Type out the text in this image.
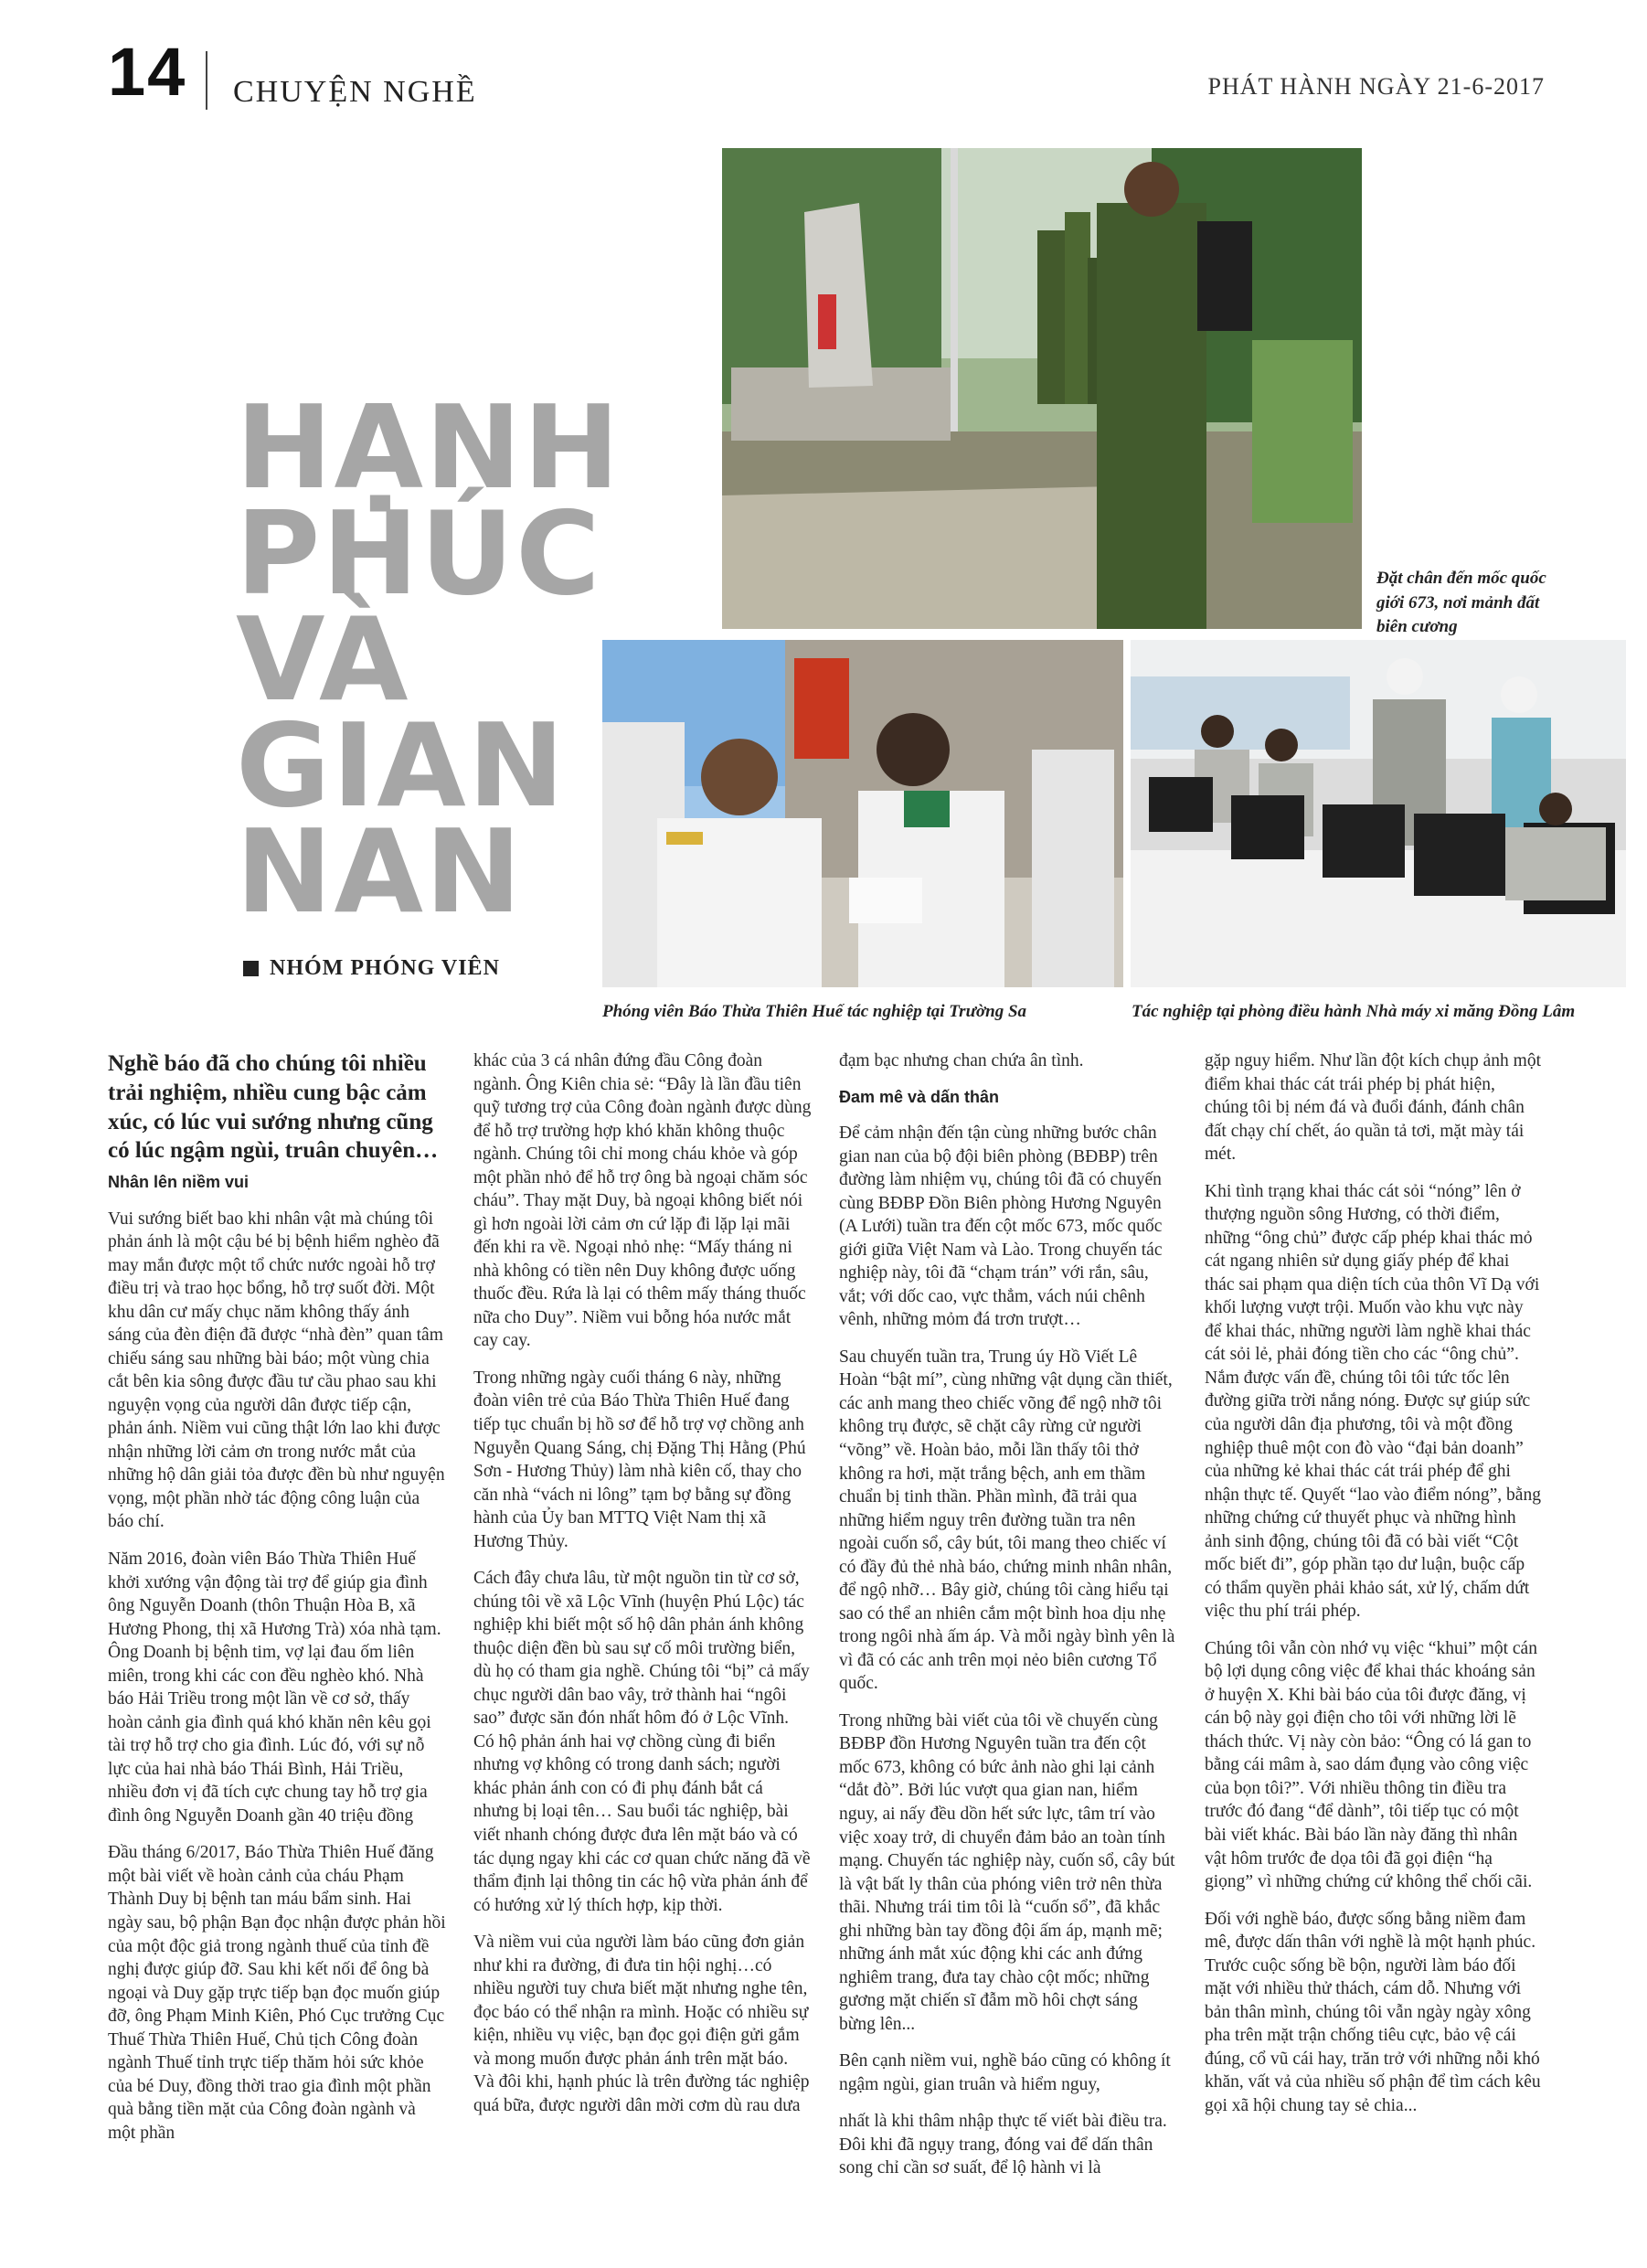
14 CHUYỆN NGHỀ	PHÁT HÀNH NGÀY 21-6-2017
HẠNH
PHÚC
VÀ
GIAN
NAN
NHÓM PHÓNG VIÊN
Đặt chân đến mốc quốc giới 673, nơi mảnh đất biên cương
Phóng viên Báo Thừa Thiên Huế tác nghiệp tại Trường Sa	Tác nghiệp tại phòng điều hành Nhà máy xi măng Đồng Lâm
Nghề báo đã cho chúng tôi nhiều trải nghiệm, nhiều cung bậc cảm xúc, có lúc vui sướng nhưng cũng có lúc ngậm ngùi, truân chuyên…

Nhân lên niềm vui

Vui sướng biết bao khi nhân vật mà chúng tôi phản ánh là một cậu bé bị bệnh hiểm nghèo đã may mắn được một tổ chức nước ngoài hỗ trợ điều trị và trao học bổng, hỗ trợ suốt đời. Một khu dân cư mấy chục năm không thấy ánh sáng của đèn điện đã được “nhà đèn” quan tâm chiếu sáng sau những bài báo; một vùng chia cắt bên kia sông được đầu tư cầu phao sau khi nguyện vọng của người dân được tiếp cận, phản ánh. Niềm vui cũng thật lớn lao khi được nhận những lời cảm ơn trong nước mắt của những hộ dân giải tỏa được đền bù như nguyện vọng, một phần nhờ tác động công luận của báo chí.

Năm 2016, đoàn viên Báo Thừa Thiên Huế khởi xướng vận động tài trợ để giúp gia đình ông Nguyễn Doanh (thôn Thuận Hòa B, xã Hương Phong, thị xã Hương Trà) xóa nhà tạm. Ông Doanh bị bệnh tim, vợ lại đau ốm liên miên, trong khi các con đều nghèo khó. Nhà báo Hải Triều trong một lần về cơ sở, thấy hoàn cảnh gia đình quá khó khăn nên kêu gọi tài trợ hỗ trợ cho gia đình. Lúc đó, với sự nỗ lực của hai nhà báo Thái Bình, Hải Triều, nhiều đơn vị đã tích cực chung tay hỗ trợ gia đình ông Nguyễn Doanh gần 40 triệu đồng

Đầu tháng 6/2017, Báo Thừa Thiên Huế đăng một bài viết về hoàn cảnh của cháu Phạm Thành Duy bị bệnh tan máu bẩm sinh. Hai ngày sau, bộ phận Bạn đọc nhận được phản hồi của một độc giả trong ngành thuế của tỉnh đề nghị được giúp đỡ. Sau khi kết nối để ông bà ngoại và Duy gặp trực tiếp bạn đọc muốn giúp đỡ, ông Phạm Minh Kiên, Phó Cục trưởng Cục Thuế Thừa Thiên Huế, Chủ tịch Công đoàn ngành Thuế tỉnh trực tiếp thăm hỏi sức khỏe của bé Duy, đồng thời trao gia đình một phần quà bằng tiền mặt của Công đoàn ngành và một phần

khác của 3 cá nhân đứng đầu Công đoàn ngành. Ông Kiên chia sẻ: “Đây là lần đầu tiên quỹ tương trợ của Công đoàn ngành được dùng để hỗ trợ trường hợp khó khăn không thuộc ngành. Chúng tôi chỉ mong cháu khỏe và góp một phần nhỏ để hỗ trợ ông bà ngoại chăm sóc cháu”. Thay mặt Duy, bà ngoại không biết nói gì hơn ngoài lời cảm ơn cứ lặp đi lặp lại mãi đến khi ra về. Ngoại nhỏ nhẹ: “Mấy tháng ni nhà không có tiền nên Duy không được uống thuốc đều. Rứa là lại có thêm mấy tháng thuốc nữa cho Duy”. Niềm vui bỗng hóa nước mắt cay cay.

Trong những ngày cuối tháng 6 này, những đoàn viên trẻ của Báo Thừa Thiên Huế đang tiếp tục chuẩn bị hồ sơ để hỗ trợ vợ chồng anh Nguyễn Quang Sáng, chị Đặng Thị Hằng (Phú Sơn - Hương Thủy) làm nhà kiên cố, thay cho căn nhà “vách ni lông” tạm bợ bằng sự đồng hành của Ủy ban MTTQ Việt Nam thị xã Hương Thủy.

Cách đây chưa lâu, từ một nguồn tin từ cơ sở, chúng tôi về xã Lộc Vĩnh (huyện Phú Lộc) tác nghiệp khi biết một số hộ dân phản ánh không thuộc diện đền bù sau sự cố môi trường biển, dù họ có tham gia nghề. Chúng tôi “bị” cả mấy chục người dân bao vây, trở thành hai “ngôi sao” được săn đón nhất hôm đó ở Lộc Vĩnh. Có hộ phản ánh hai vợ chồng cùng đi biển nhưng vợ không có trong danh sách; người khác phản ánh con có đi phụ đánh bắt cá nhưng bị loại tên… Sau buổi tác nghiệp, bài viết nhanh chóng được đưa lên mặt báo và có tác dụng ngay khi các cơ quan chức năng đã về thẩm định lại thông tin các hộ vừa phản ánh để có hướng xử lý thích hợp, kịp thời.

Và niềm vui của người làm báo cũng đơn giản như khi ra đường, đi đưa tin hội nghị…có nhiều người tuy chưa biết mặt nhưng nghe tên, đọc báo có thể nhận ra mình. Hoặc có nhiều sự kiện, nhiều vụ việc, bạn đọc gọi điện gửi gắm và mong muốn được phản ánh trên mặt báo. Và đôi khi, hạnh phúc là trên đường tác nghiệp quá bữa, được người dân mời cơm dù rau dưa

đạm bạc nhưng chan chứa ân tình.

Đam mê và dấn thân

Để cảm nhận đến tận cùng những bước chân gian nan của bộ đội biên phòng (BĐBP) trên đường làm nhiệm vụ, chúng tôi đã có chuyến cùng BĐBP Đồn Biên phòng Hương Nguyên (A Lưới) tuần tra đến cột mốc 673, mốc quốc giới giữa Việt Nam và Lào. Trong chuyến tác nghiệp này, tôi đã “chạm trán” với rắn, sâu, vắt; với dốc cao, vực thẳm, vách núi chênh vênh, những mỏm đá trơn trượt…

Sau chuyến tuần tra, Trung úy Hồ Viết Lê Hoàn “bật mí”, cùng những vật dụng cần thiết, các anh mang theo chiếc võng để ngộ nhỡ tôi không trụ được, sẽ chặt cây rừng cử người “võng” về. Hoàn bảo, mỗi lần thấy tôi thở không ra hơi, mặt trắng bệch, anh em thầm chuẩn bị tinh thần. Phần mình, đã trải qua những hiểm nguy trên đường tuần tra nên ngoài cuốn sổ, cây bút, tôi mang theo chiếc ví có đầy đủ thẻ nhà báo, chứng minh nhân nhân, để ngộ nhỡ… Bây giờ, chúng tôi càng hiểu tại sao có thể an nhiên cắm một bình hoa dịu nhẹ trong ngôi nhà ấm áp. Và mỗi ngày bình yên là vì đã có các anh trên mọi nẻo biên cương Tổ quốc.

Trong những bài viết của tôi về chuyến cùng BĐBP đồn Hương Nguyên tuần tra đến cột mốc 673, không có bức ảnh nào ghi lại cảnh “dắt đò”. Bởi lúc vượt qua gian nan, hiểm nguy, ai nấy đều dồn hết sức lực, tâm trí vào việc xoay trở, di chuyển đảm bảo an toàn tính mạng. Chuyến tác nghiệp này, cuốn sổ, cây bút là vật bất ly thân của phóng viên trở nên thừa thãi. Nhưng trái tim tôi là “cuốn sổ”, đã khắc ghi những bàn tay đồng đội ấm áp, mạnh mẽ; những ánh mắt xúc động khi các anh đứng nghiêm trang, đưa tay chào cột mốc; những gương mặt chiến sĩ đẫm mồ hôi chợt sáng bừng lên...

Bên cạnh niềm vui, nghề báo cũng có không ít ngậm ngùi, gian truân và hiểm nguy,

nhất là khi thâm nhập thực tế viết bài điều tra. Đôi khi đã ngụy trang, đóng vai để dấn thân song chỉ cần sơ suất, để lộ hành vi là

gặp nguy hiểm. Như lần đột kích chụp ảnh một điểm khai thác cát trái phép bị phát hiện, chúng tôi bị ném đá và đuổi đánh, đánh chân đất chạy chí chết, áo quần tả tơi, mặt mày tái mét.

Khi tình trạng khai thác cát sỏi “nóng” lên ở thượng nguồn sông Hương, có thời điểm, những “ông chủ” được cấp phép khai thác mỏ cát ngang nhiên sử dụng giấy phép để khai thác sai phạm qua diện tích của thôn Vĩ Dạ với khối lượng vượt trội. Muốn vào khu vực này để khai thác, những người làm nghề khai thác cát sỏi lẻ, phải đóng tiền cho các “ông chủ”. Nắm được vấn đề, chúng tôi tôi tức tốc lên đường giữa trời nắng nóng. Được sự giúp sức của người dân địa phương, tôi và một đồng nghiệp thuê một con đò vào “đại bản doanh” của những kẻ khai thác cát trái phép để ghi nhận thực tế. Quyết “lao vào điểm nóng”, bằng những chứng cứ thuyết phục và những hình ảnh sinh động, chúng tôi đã có bài viết “Cột mốc biết đi”, góp phần tạo dư luận, buộc cấp có thẩm quyền phải khảo sát, xử lý, chấm dứt việc thu phí trái phép.

Chúng tôi vẫn còn nhớ vụ việc “khui” một cán bộ lợi dụng công việc để khai thác khoáng sản ở huyện X. Khi bài báo của tôi được đăng, vị cán bộ này gọi điện cho tôi với những lời lẽ thách thức. Vị này còn bảo: “Ông có lá gan to bằng cái mâm à, sao dám đụng vào công việc của bọn tôi?”. Với nhiều thông tin điều tra trước đó đang “để dành”, tôi tiếp tục có một bài viết khác. Bài báo lần này đăng thì nhân vật hôm trước đe dọa tôi đã gọi điện “hạ giọng” vì những chứng cứ không thể chối cãi.

Đối với nghề báo, được sống bằng niềm đam mê, được dấn thân với nghề là một hạnh phúc. Trước cuộc sống bề bộn, người làm báo đối mặt với nhiều thử thách, cám dỗ. Nhưng với bản thân mình, chúng tôi vẫn ngày ngày xông pha trên mặt trận chống tiêu cực, bảo vệ cái đúng, cổ vũ cái hay, trăn trở với những nỗi khó khăn, vất vả của nhiều số phận để tìm cách kêu gọi xã hội chung tay sẻ chia...
